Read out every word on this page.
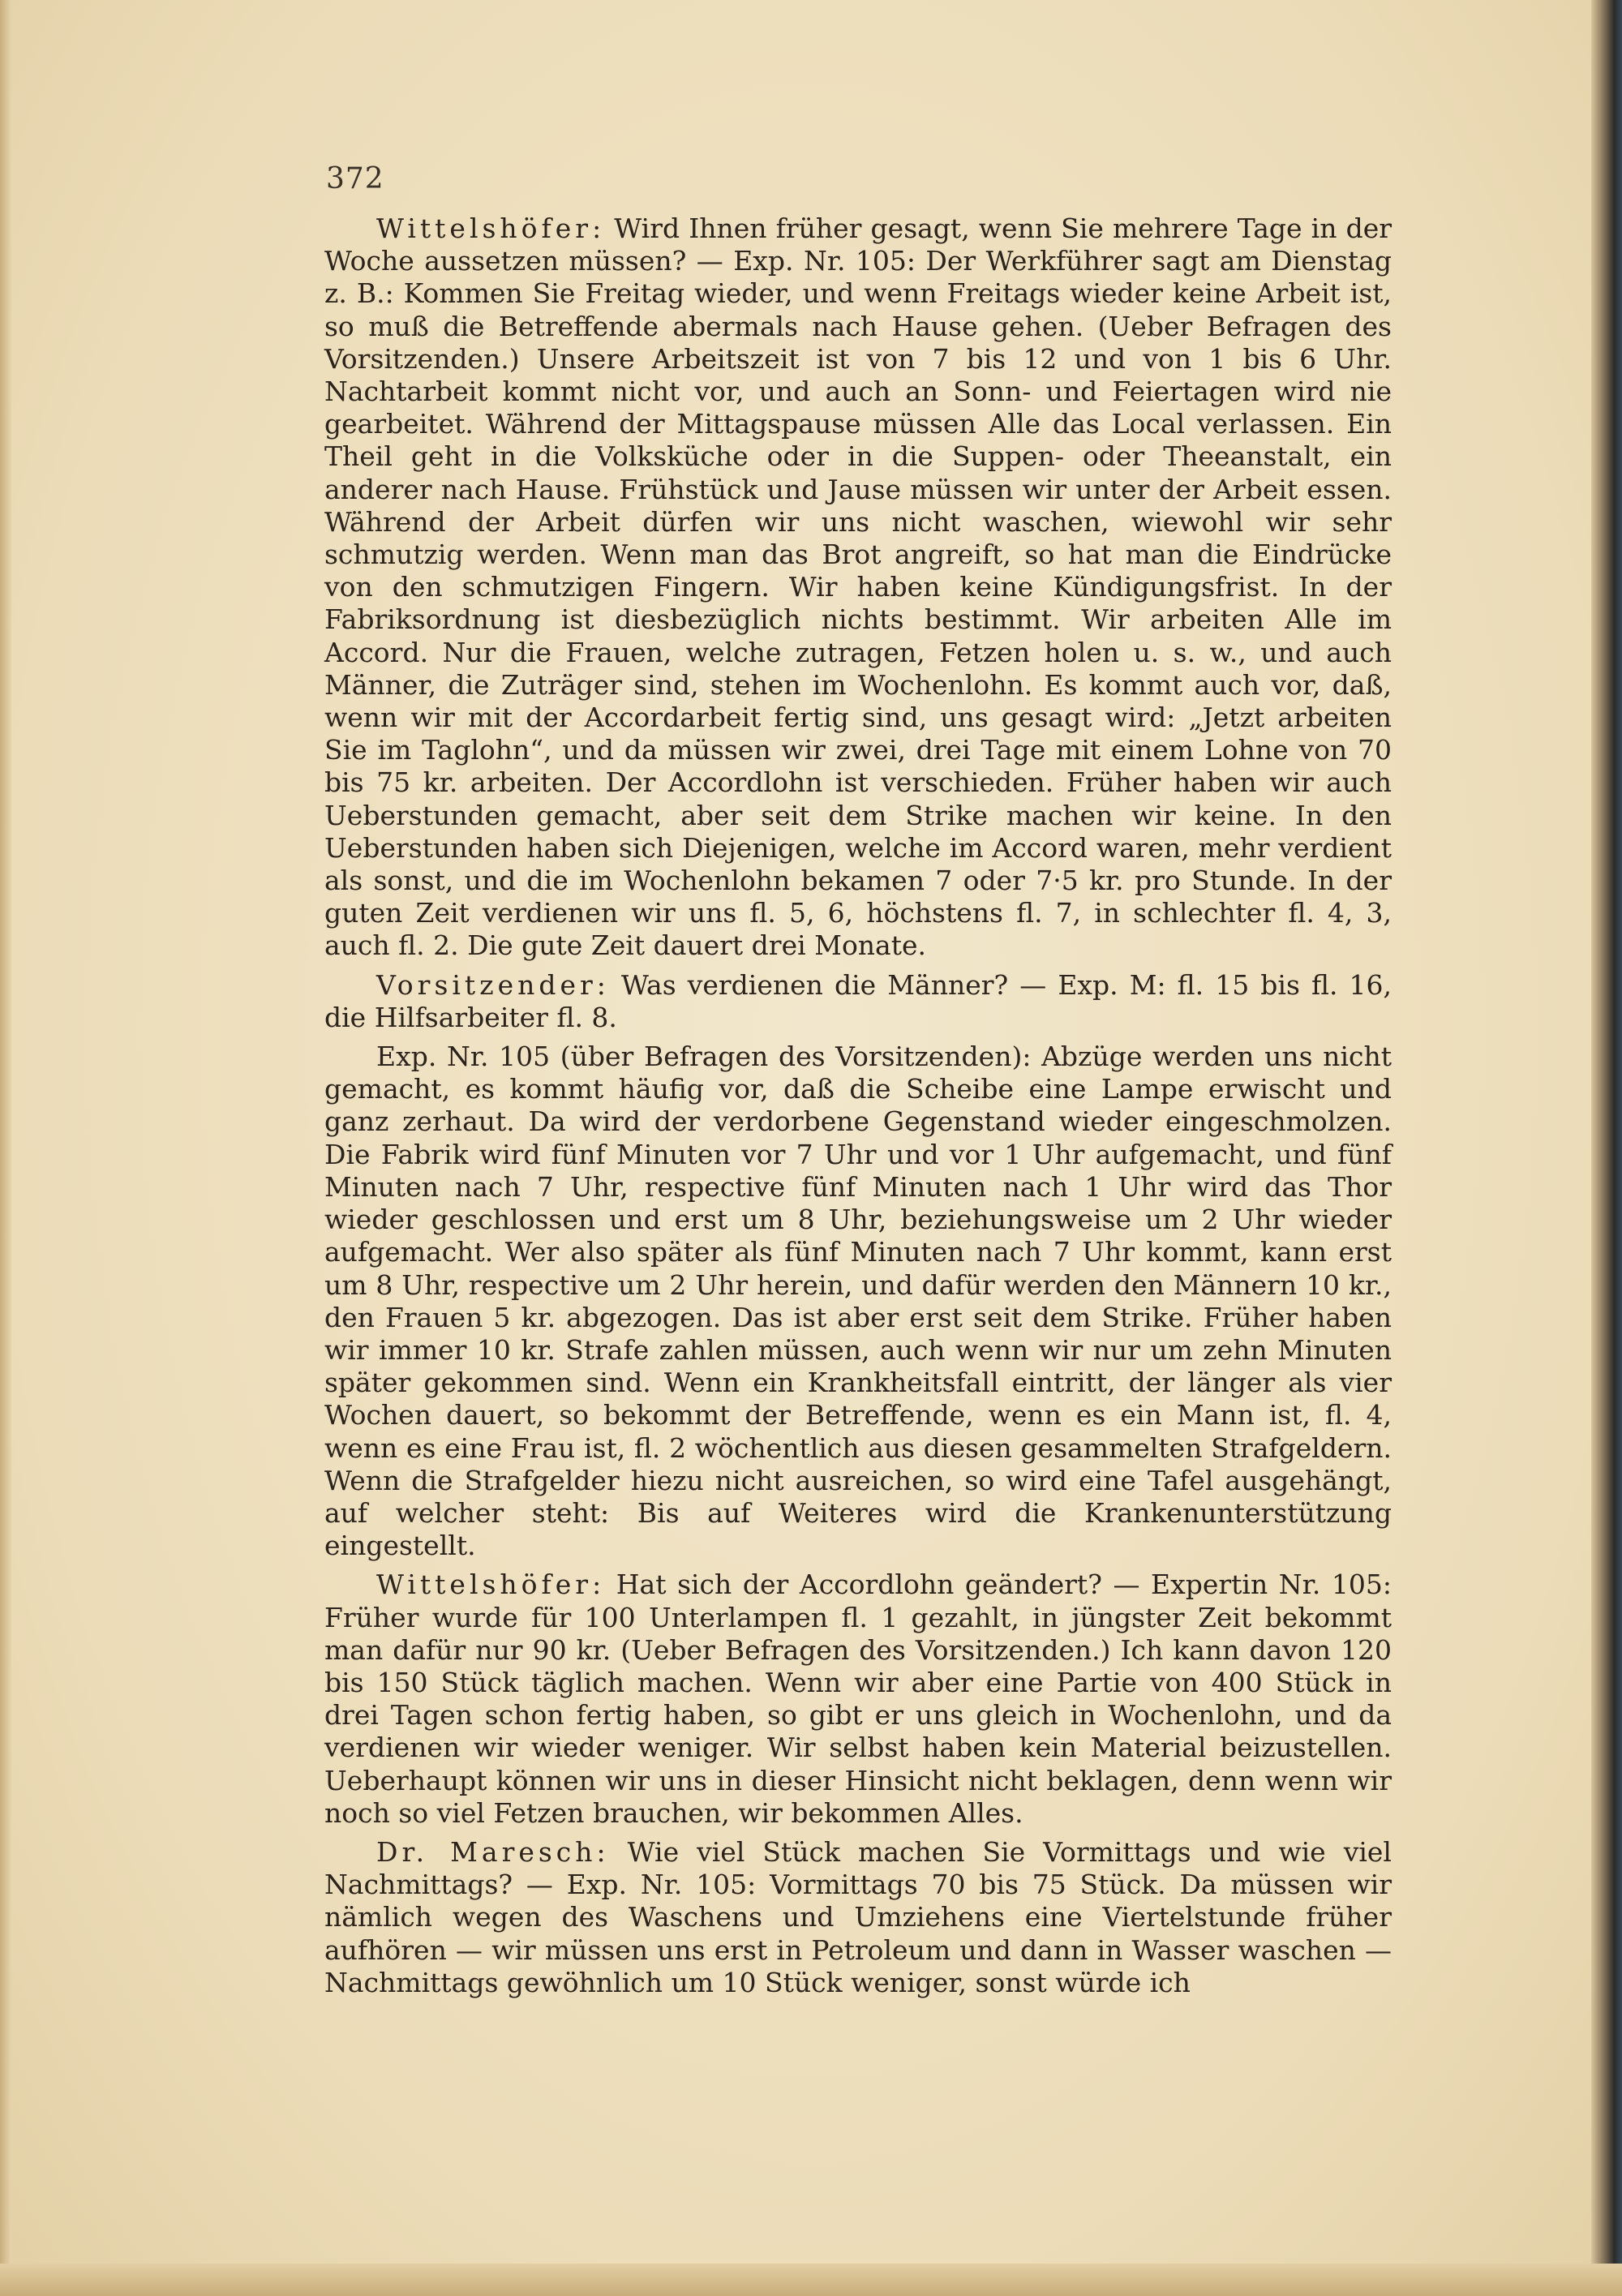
372

Wittelshöfer: Wird Ihnen früher gesagt, wenn Sie mehrere Tage in der Woche aussetzen müssen? — Exp. Nr. 105: Der Werkführer sagt am Dienstag z. B.: Kommen Sie Freitag wieder, und wenn Freitags wieder keine Arbeit ist, so muß die Betreffende abermals nach Hause gehen. (Ueber Befragen des Vorsitzenden.) Unsere Arbeitszeit ist von 7 bis 12 und von 1 bis 6 Uhr. Nachtarbeit kommt nicht vor, und auch an Sonn- und Feiertagen wird nie gearbeitet. Während der Mittagspause müssen Alle das Local verlassen. Ein Theil geht in die Volksküche oder in die Suppen- oder Theeanstalt, ein anderer nach Hause. Frühstück und Jause müssen wir unter der Arbeit essen. Während der Arbeit dürfen wir uns nicht waschen, wiewohl wir sehr schmutzig werden. Wenn man das Brot angreift, so hat man die Eindrücke von den schmutzigen Fingern. Wir haben keine Kündigungsfrist. In der Fabriksordnung ist diesbezüglich nichts bestimmt. Wir arbeiten Alle im Accord. Nur die Frauen, welche zutragen, Fetzen holen u. s. w., und auch Männer, die Zuträger sind, stehen im Wochenlohn. Es kommt auch vor, daß, wenn wir mit der Accordarbeit fertig sind, uns gesagt wird: „Jetzt arbeiten Sie im Taglohn“, und da müssen wir zwei, drei Tage mit einem Lohne von 70 bis 75 kr. arbeiten. Der Accordlohn ist verschieden. Früher haben wir auch Ueberstunden gemacht, aber seit dem Strike machen wir keine. In den Ueberstunden haben sich Diejenigen, welche im Accord waren, mehr verdient als sonst, und die im Wochenlohn bekamen 7 oder 7·5 kr. pro Stunde. In der guten Zeit verdienen wir uns fl. 5, 6, höchstens fl. 7, in schlechter fl. 4, 3, auch fl. 2. Die gute Zeit dauert drei Monate.

Vorsitzender: Was verdienen die Männer? — Exp. M: fl. 15 bis fl. 16, die Hilfsarbeiter fl. 8.

Exp. Nr. 105 (über Befragen des Vorsitzenden): Abzüge werden uns nicht gemacht, es kommt häufig vor, daß die Scheibe eine Lampe erwischt und ganz zerhaut. Da wird der verdorbene Gegenstand wieder eingeschmolzen. Die Fabrik wird fünf Minuten vor 7 Uhr und vor 1 Uhr aufgemacht, und fünf Minuten nach 7 Uhr, respective fünf Minuten nach 1 Uhr wird das Thor wieder geschlossen und erst um 8 Uhr, beziehungsweise um 2 Uhr wieder aufgemacht. Wer also später als fünf Minuten nach 7 Uhr kommt, kann erst um 8 Uhr, respective um 2 Uhr herein, und dafür werden den Männern 10 kr., den Frauen 5 kr. abgezogen. Das ist aber erst seit dem Strike. Früher haben wir immer 10 kr. Strafe zahlen müssen, auch wenn wir nur um zehn Minuten später gekommen sind. Wenn ein Krankheitsfall eintritt, der länger als vier Wochen dauert, so bekommt der Betreffende, wenn es ein Mann ist, fl. 4, wenn es eine Frau ist, fl. 2 wöchentlich aus diesen gesammelten Strafgeldern. Wenn die Strafgelder hiezu nicht ausreichen, so wird eine Tafel ausgehängt, auf welcher steht: Bis auf Weiteres wird die Krankenunterstützung eingestellt.

Wittelshöfer: Hat sich der Accordlohn geändert? — Expertin Nr. 105: Früher wurde für 100 Unterlampen fl. 1 gezahlt, in jüngster Zeit bekommt man dafür nur 90 kr. (Ueber Befragen des Vorsitzenden.) Ich kann davon 120 bis 150 Stück täglich machen. Wenn wir aber eine Partie von 400 Stück in drei Tagen schon fertig haben, so gibt er uns gleich in Wochenlohn, und da verdienen wir wieder weniger. Wir selbst haben kein Material beizustellen. Ueberhaupt können wir uns in dieser Hinsicht nicht beklagen, denn wenn wir noch so viel Fetzen brauchen, wir bekommen Alles.

Dr. Maresch: Wie viel Stück machen Sie Vormittags und wie viel Nachmittags? — Exp. Nr. 105: Vormittags 70 bis 75 Stück. Da müssen wir nämlich wegen des Waschens und Umziehens eine Viertelstunde früher aufhören — wir müssen uns erst in Petroleum und dann in Wasser waschen — Nachmittags gewöhnlich um 10 Stück weniger, sonst würde ich
